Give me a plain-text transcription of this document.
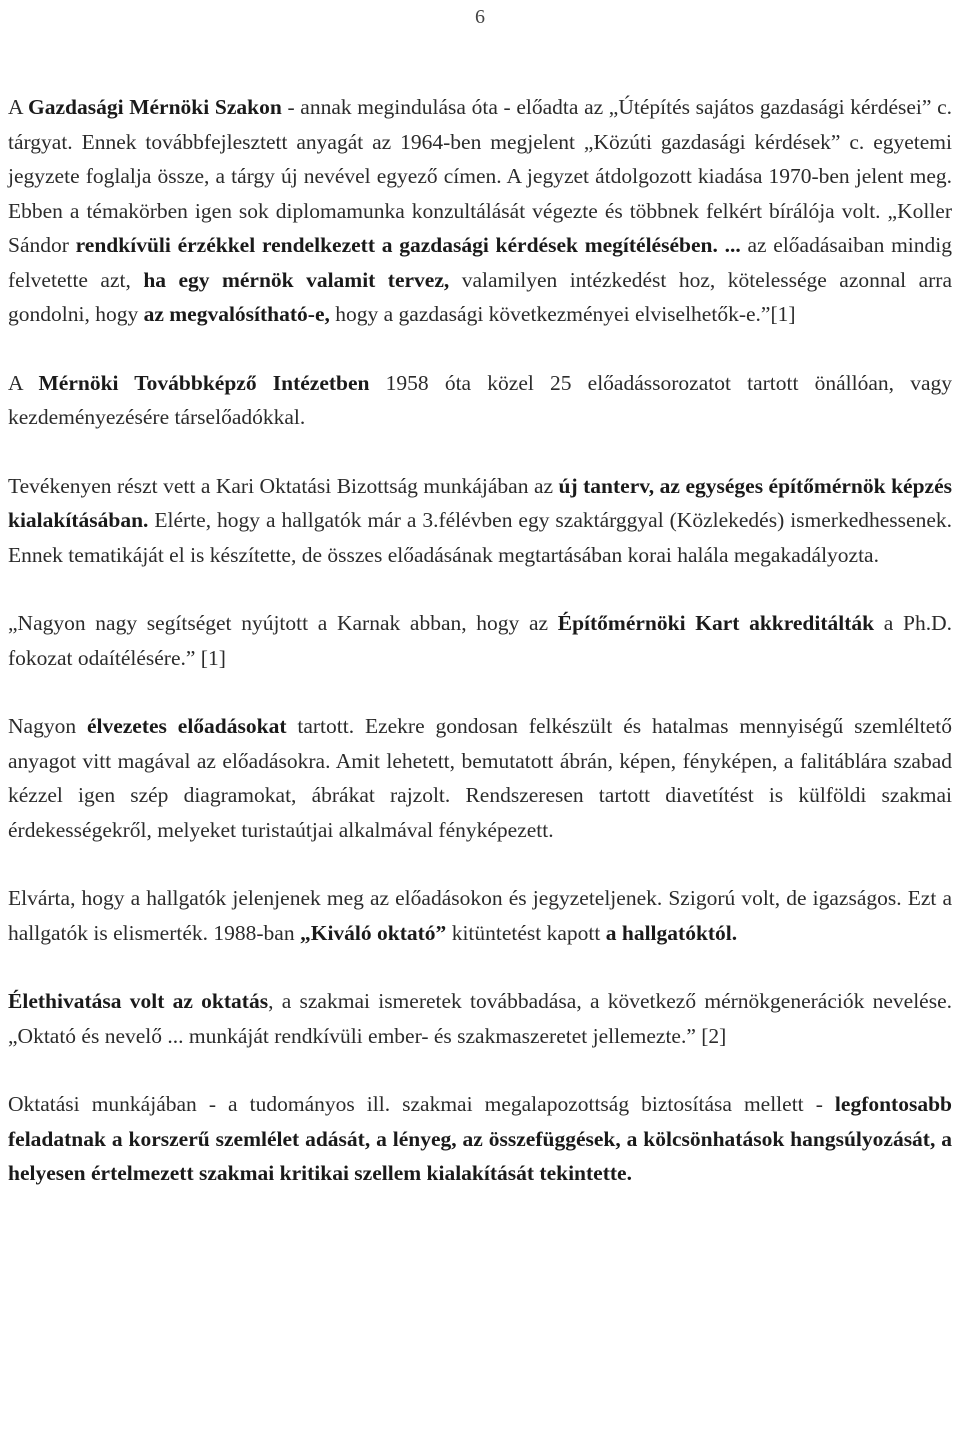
6

A Gazdasági Mérnöki Szakon - annak megindulása óta - előadta az „Útépítés sajátos gazdasági kérdései” c. tárgyat. Ennek továbbfejlesztett anyagát az 1964-ben megjelent „Közúti gazdasági kérdések” c. egyetemi jegyzete foglalja össze, a tárgy új nevével egyező címen. A jegyzet átdolgozott kiadása 1970-ben jelent meg. Ebben a témakörben igen sok diplomamunka konzultálását végezte és többnek felkért bírálója volt. „Koller Sándor rendkívüli érzékkel rendelkezett a gazdasági kérdések megítélésében. ... az előadásaiban mindig felvetette azt, ha egy mérnök valamit tervez, valamilyen intézkedést hoz, kötelessége azonnal arra gondolni, hogy az megvalósítható-e, hogy a gazdasági következményei elviselhetők-e.”[1]

A Mérnöki Továbbképző Intézetben 1958 óta közel 25 előadássorozatot tartott önállóan, vagy kezdeményezésére társelőadókkal.

Tevékenyen részt vett a Kari Oktatási Bizottság munkájában az új tanterv, az egységes építőmérnök képzés kialakításában. Elérte, hogy a hallgatók már a 3.félévben egy szaktárggyal (Közlekedés) ismerkedhessenek. Ennek tematikáját el is készítette, de összes előadásának megtartásában korai halála megakadályozta.

„Nagyon nagy segítséget nyújtott a Karnak abban, hogy az Építőmérnöki Kart akkreditálták a Ph.D. fokozat odaítélésére.” [1]

Nagyon élvezetes előadásokat tartott. Ezekre gondosan felkészült és hatalmas mennyiségű szemléltető anyagot vitt magával az előadásokra. Amit lehetett, bemutatott ábrán, képen, fényképen, a falitáblára szabad kézzel igen szép diagramokat, ábrákat rajzolt. Rendszeresen tartott diavetítést is külföldi szakmai érdekességekről, melyeket turistaútjai alkalmával fényképezett.

Elvárta, hogy a hallgatók jelenjenek meg az előadásokon és jegyzeteljenek. Szigorú volt, de igazságos. Ezt a hallgatók is elismerték. 1988-ban „Kiváló oktató” kitüntetést kapott a hallgatóktól.

Élethivatása volt az oktatás, a szakmai ismeretek továbbadása, a következő mérnökgenerációk nevelése. „Oktató és nevelő ... munkáját rendkívüli ember- és szakmaszeretet jellemezte.” [2]

Oktatási munkájában - a tudományos ill. szakmai megalapozottság biztosítása mellett - legfontosabb feladatnak a korszerű szemlélet adását, a lényeg, az összefüggések, a kölcsönhatások hangsúlyozását, a helyesen értelmezett szakmai kritikai szellem kialakítását tekintette.
